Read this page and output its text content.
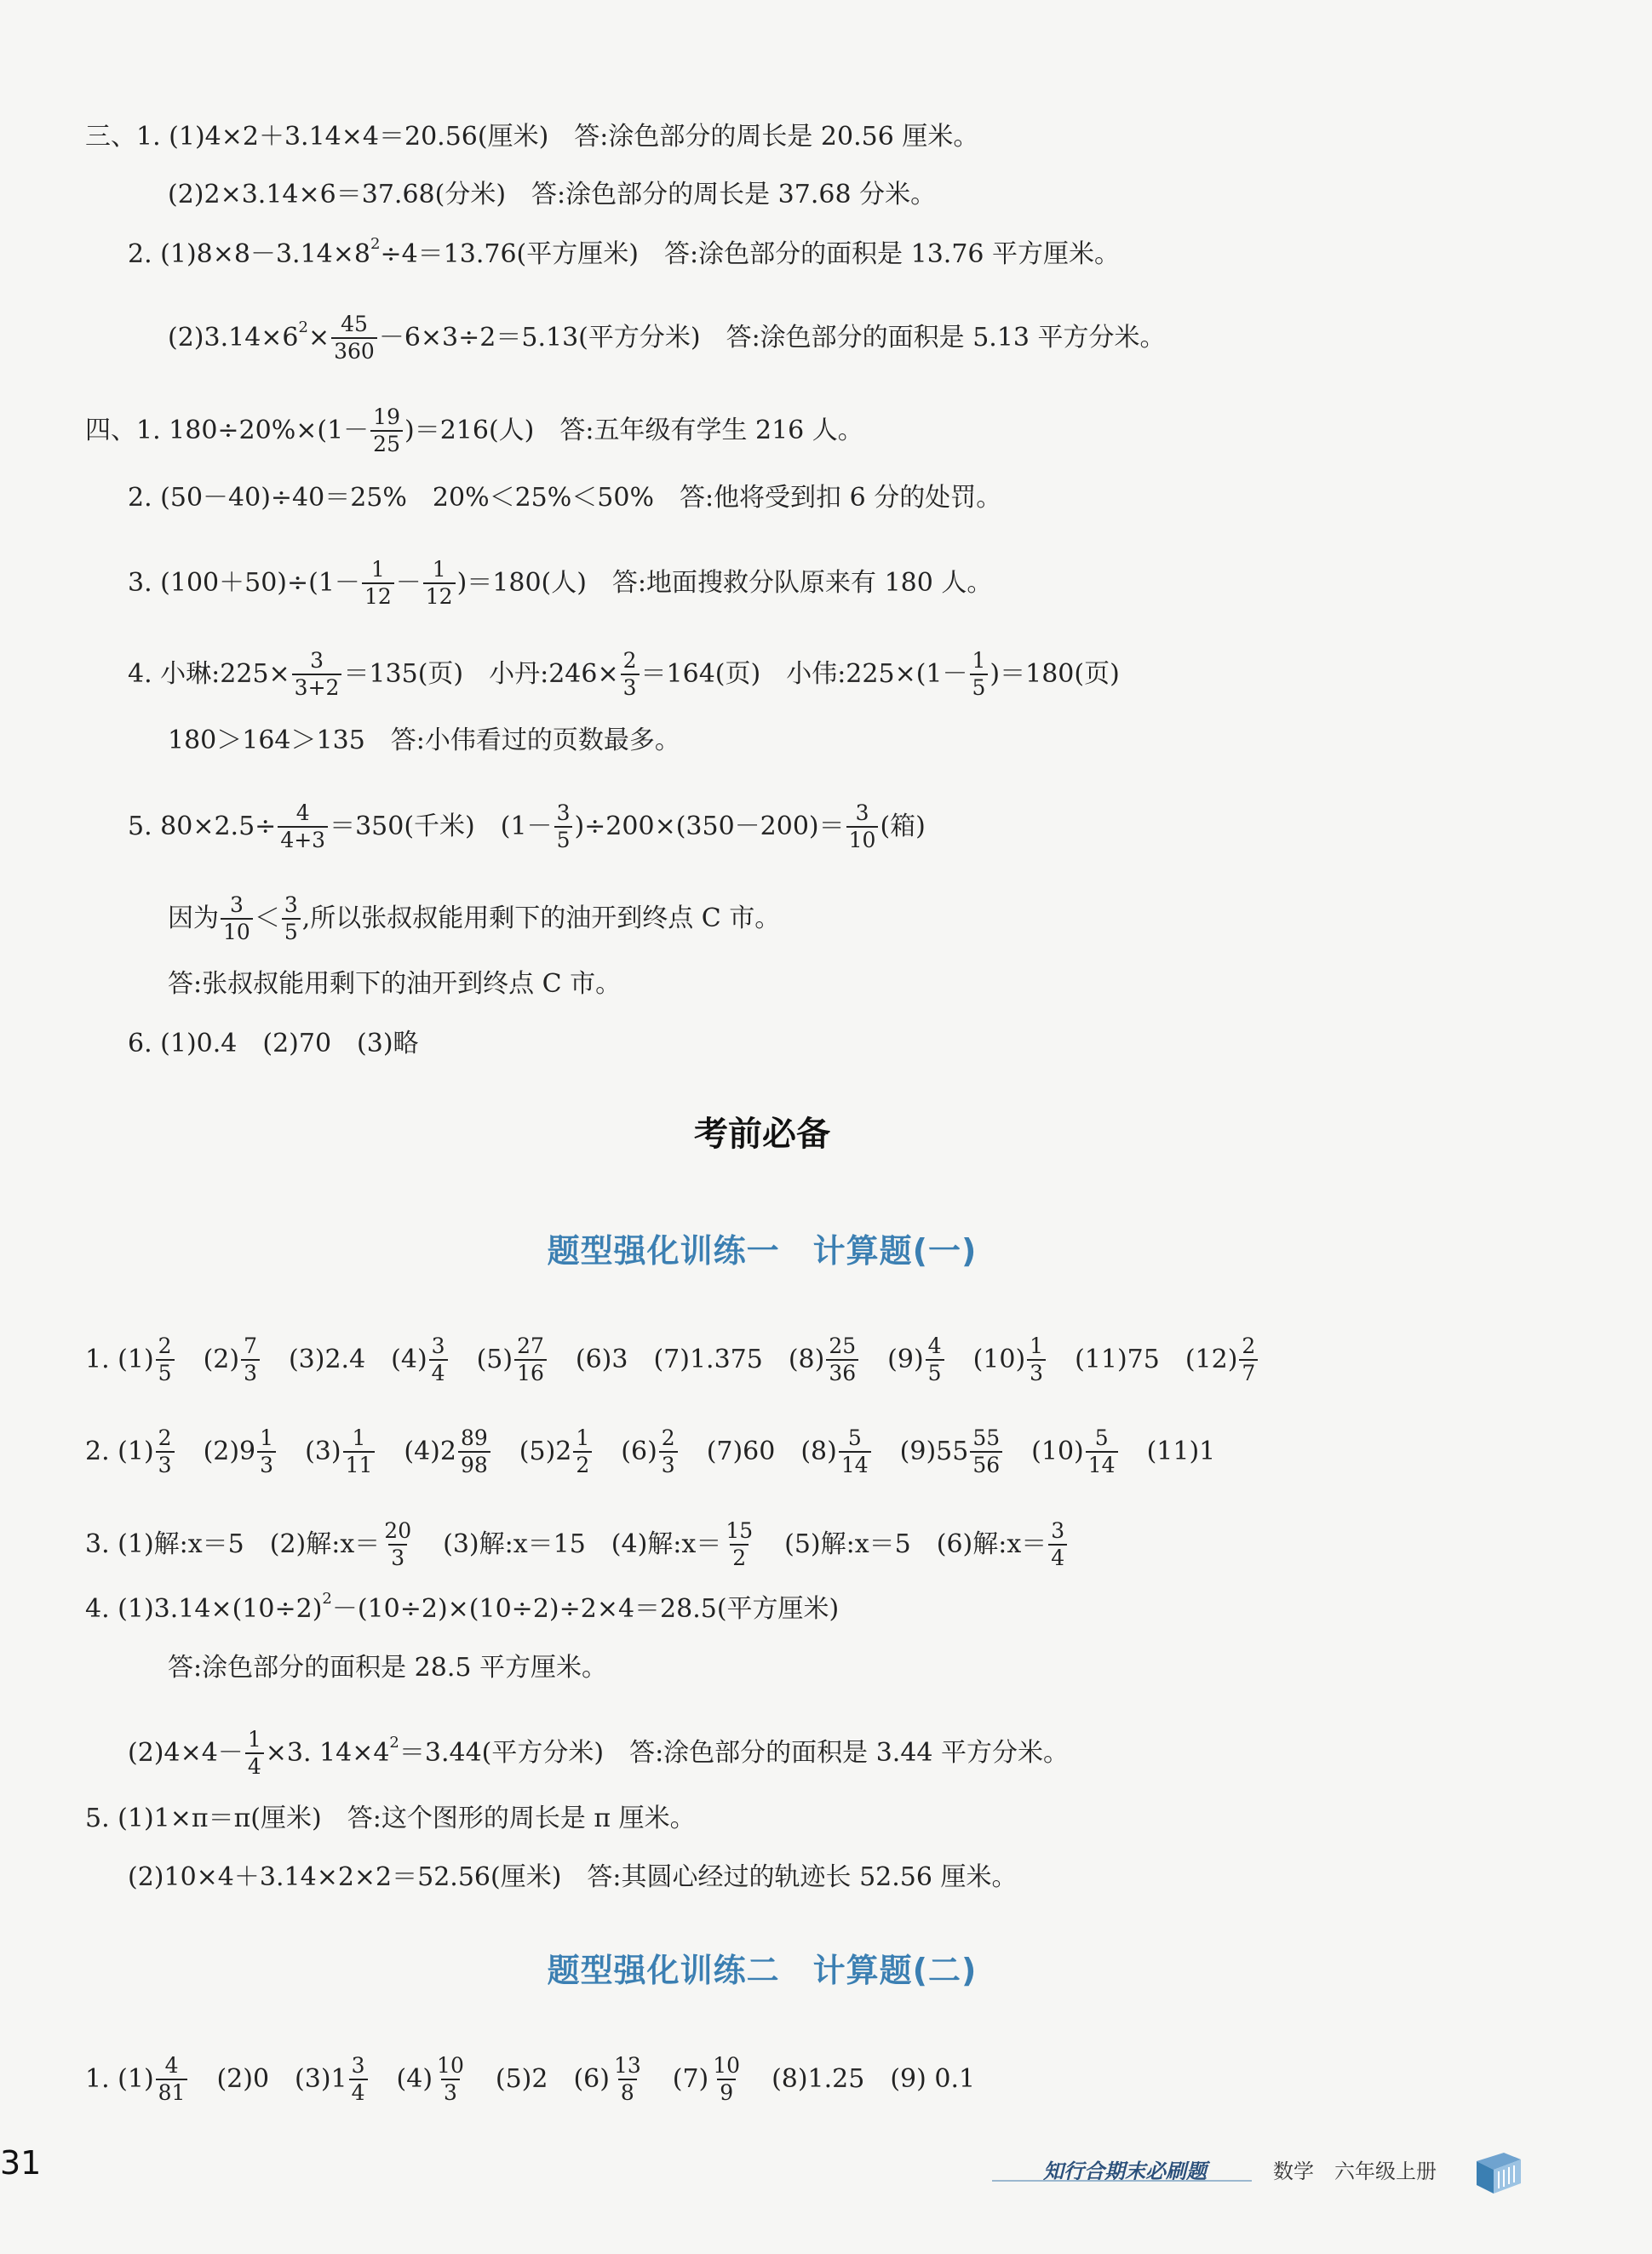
三、1. (1)4×2＋3.14×4＝20.56(厘米)　答:涂色部分的周长是 20.56 厘米。
(2)2×3.14×6＝37.68(分米)　答:涂色部分的周长是 37.68 分米。
2. $(1)8\times 8-3.14\times 8^2 \div 4=13.76$(平方厘米)　答:涂色部分的面积是 13.76 平方厘米。
$(2)3.14\times 6^2 \times \frac{45}{360} -6\times 3\div 2=5.13$(平方分米)　答:涂色部分的面积是 5.13 平方分米。
四、1. $180\div 20\%\times(1- \frac{19}{25} )=216$(人)　答:五年级有学生 216 人。
2. (50－40)÷40＝25%　20%＜25%＜50%　答:他将受到扣 6 分的处罚。
3. $(100+50)\div(1- \frac{1}{12} - \frac{1}{12} )=180$(人)　答:地面搜救分队原来有 180 人。
4. 小琳:225× $\frac{3}{3+2} =135$(页)　小丹:246× $\frac{2}{3} =164$(页)　小伟:225×(1－ $\frac{1}{5} )=180$(页)
180＞164＞135　答:小伟看过的页数最多。
5. $80\times 2.5\div \frac{4}{4+3} =350$(千米)　$(1- \frac{3}{5} )\div 200\times(350-200)= \frac{3}{10}$ (箱)
因为 $\frac{3}{10} < \frac{3}{5}$ ,所以张叔叔能用剩下的油开到终点 C 市。
答:张叔叔能用剩下的油开到终点 C 市。
6. (1)0.4　(2)70　(3)略
考前必备
题型强化训练一　计算题(一)
1. $(1) \frac{2}{5} (2) \frac{7}{3} (3)2.4$　$(4) \frac{3}{4} (5) \frac{27}{16} (6)3$　(7)1.375　$(8) \frac{25}{36} (9) \frac{4}{5} (10) \frac{1}{3} (11)75$　$(12) \frac{2}{7}$
2. $(1) \frac{2}{3} (2)9 \frac{1}{3} (3) \frac{1}{11} (4)2 \frac{89}{98} (5)2 \frac{1}{2} (6) \frac{2}{3} (7)60$　$(8) \frac{5}{14} (9)55 \frac{55}{56} (10) \frac{5}{14} (11)1$
3. (1)解:x＝5　(2)解:x＝ $\frac{20}{3} (3)$解:x＝15　(4)解:x＝ $\frac{15}{2} (5)$解:x＝5　(6)解:x＝ $\frac{3}{4}$
4. $(1)3.14\times(10\div 2)^2 -(10\div 2)\times(10\div 2)\div 2\times 4=28.5$(平方厘米)
答:涂色部分的面积是 28.5 平方厘米。
$(2)4\times 4- \frac{1}{4} \times 3$. $14\times 4^2 =3.44$(平方分米)　答:涂色部分的面积是 3.44 平方分米。
5. (1)1×π＝π(厘米)　答:这个图形的周长是 π 厘米。
(2)10×4＋3.14×2×2＝52.56(厘米)　答:其圆心经过的轨迹长 52.56 厘米。
题型强化训练二　计算题(二)
1. $(1) \frac{4}{81} (2)0$　$(3)1 \frac{3}{4} (4) \frac{10}{3} (5)2$　$(6) \frac{13}{8} (7) \frac{10}{9} (8)1.25$　(9) 0.1
31	知行合期末必刷题	数学　六年级上册
